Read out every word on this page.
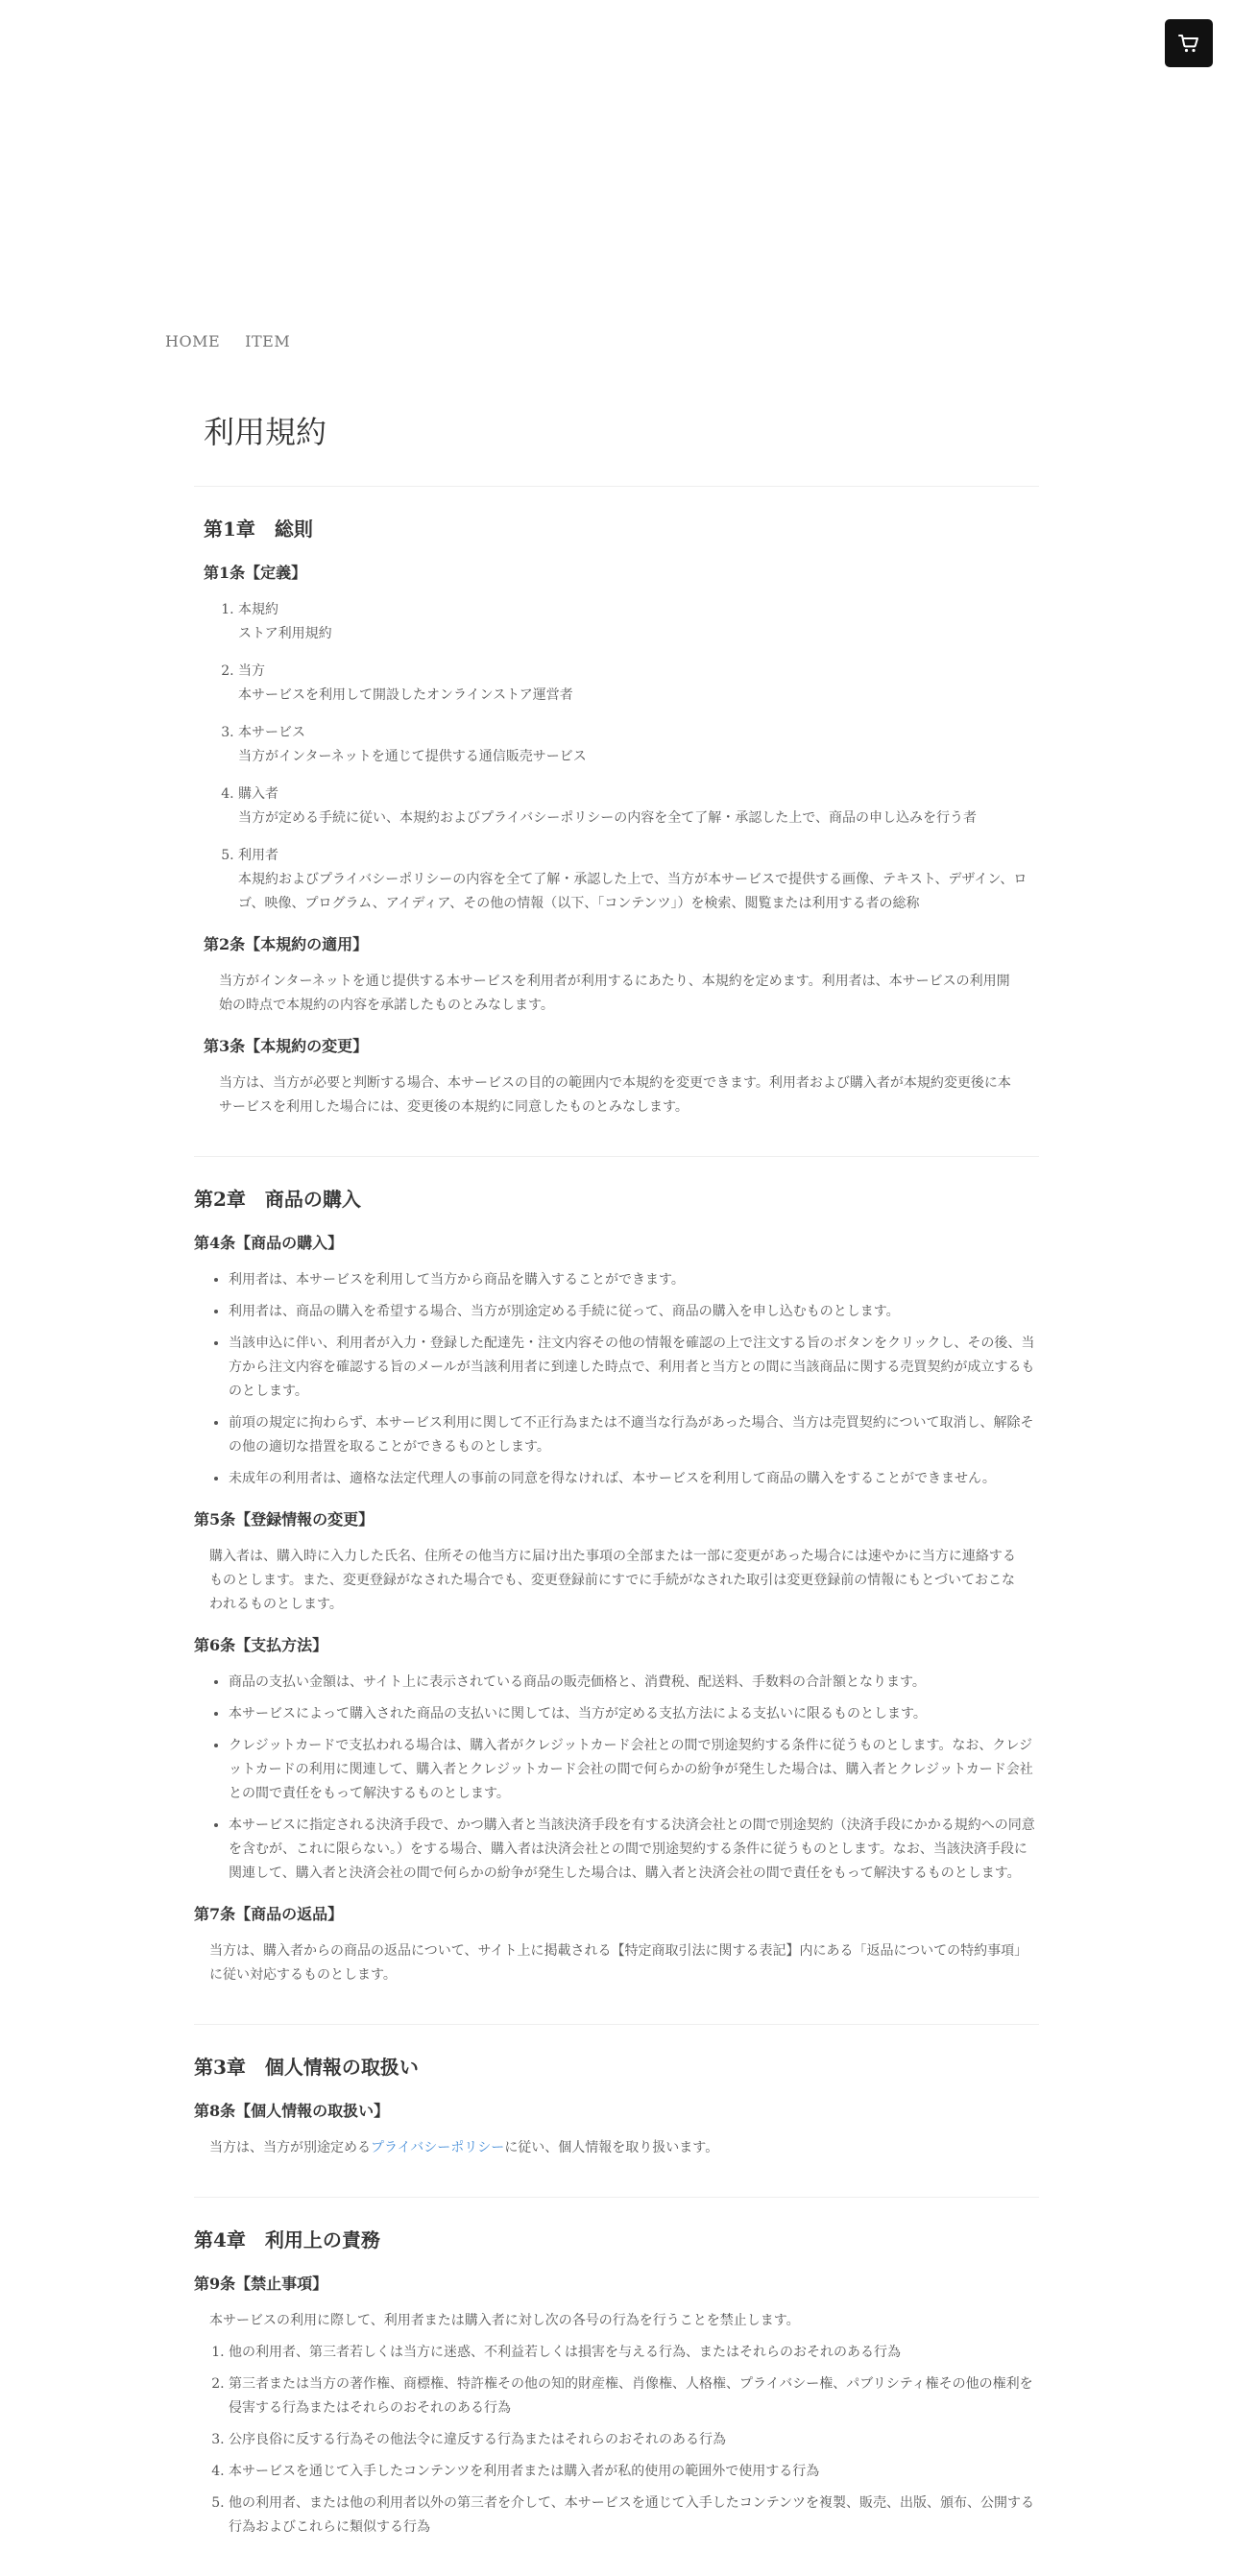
HOME ITEM
利用規約
第1章　総則
第1条【定義】
1. 本規約
ストア利用規約
2. 当方
本サービスを利用して開設したオンラインストア運営者
3. 本サービス
当方がインターネットを通じて提供する通信販売サービス
4. 購入者
当方が定める手続に従い、本規約およびプライバシーポリシーの内容を全て了解・承認した上で、商品の申し込みを行う者
5. 利用者
本規約およびプライバシーポリシーの内容を全て了解・承認した上で、当方が本サービスで提供する画像、テキスト、デザイン、ロゴ、映像、プログラム、アイディア、その他の情報（以下、「コンテンツ」）を検索、閲覧または利用する者の総称
第2条【本規約の適用】

当方がインターネットを通じ提供する本サービスを利用者が利用するにあたり、本規約を定めます。利用者は、本サービスの利用開始の時点で本規約の内容を承諾したものとみなします。

第3条【本規約の変更】

当方は、当方が必要と判断する場合、本サービスの目的の範囲内で本規約を変更できます。利用者および購入者が本規約変更後に本サービスを利用した場合には、変更後の本規約に同意したものとみなします。

第2章　商品の購入
第4条【商品の購入】
• 利用者は、本サービスを利用して当方から商品を購入することができます。
• 利用者は、商品の購入を希望する場合、当方が別途定める手続に従って、商品の購入を申し込むものとします。
• 当該申込に伴い、利用者が入力・登録した配達先・注文内容その他の情報を確認の上で注文する旨のボタンをクリックし、その後、当方から注文内容を確認する旨のメールが当該利用者に到達した時点で、利用者と当方との間に当該商品に関する売買契約が成立するものとします。
• 前項の規定に拘わらず、本サービス利用に関して不正行為または不適当な行為があった場合、当方は売買契約について取消し、解除その他の適切な措置を取ることができるものとします。
• 未成年の利用者は、適格な法定代理人の事前の同意を得なければ、本サービスを利用して商品の購入をすることができません。
第5条【登録情報の変更】

購入者は、購入時に入力した氏名、住所その他当方に届け出た事項の全部または一部に変更があった場合には速やかに当方に連絡するものとします。また、変更登録がなされた場合でも、変更登録前にすでに手続がなされた取引は変更登録前の情報にもとづいておこなわれるものとします。

第6条【支払方法】
• 商品の支払い金額は、サイト上に表示されている商品の販売価格と、消費税、配送料、手数料の合計額となります。
• 本サービスによって購入された商品の支払いに関しては、当方が定める支払方法による支払いに限るものとします。
• クレジットカードで支払われる場合は、購入者がクレジットカード会社との間で別途契約する条件に従うものとします。なお、クレジットカードの利用に関連して、購入者とクレジットカード会社の間で何らかの紛争が発生した場合は、購入者とクレジットカード会社との間で責任をもって解決するものとします。
• 本サービスに指定される決済手段で、かつ購入者と当該決済手段を有する決済会社との間で別途契約（決済手段にかかる規約への同意を含むが、これに限らない。）をする場合、購入者は決済会社との間で別途契約する条件に従うものとします。なお、当該決済手段に関連して、購入者と決済会社の間で何らかの紛争が発生した場合は、購入者と決済会社の間で責任をもって解決するものとします。
第7条【商品の返品】

当方は、購入者からの商品の返品について、サイト上に掲載される【特定商取引法に関する表記】内にある「返品についての特約事項」に従い対応するものとします。

第3章　個人情報の取扱い
第8条【個人情報の取扱い】

当方は、当方が別途定めるプライバシーポリシーに従い、個人情報を取り扱います。

第4章　利用上の責務
第9条【禁止事項】

本サービスの利用に際して、利用者または購入者に対し次の各号の行為を行うことを禁止します。

1. 他の利用者、第三者若しくは当方に迷惑、不利益若しくは損害を与える行為、またはそれらのおそれのある行為
2. 第三者または当方の著作権、商標権、特許権その他の知的財産権、肖像権、人格権、プライバシー権、パブリシティ権その他の権利を侵害する行為またはそれらのおそれのある行為
3. 公序良俗に反する行為その他法令に違反する行為またはそれらのおそれのある行為
4. 本サービスを通じて入手したコンテンツを利用者または購入者が私的使用の範囲外で使用する行為
5. 他の利用者、または他の利用者以外の第三者を介して、本サービスを通じて入手したコンテンツを複製、販売、出版、頒布、公開する行為およびこれらに類似する行為
